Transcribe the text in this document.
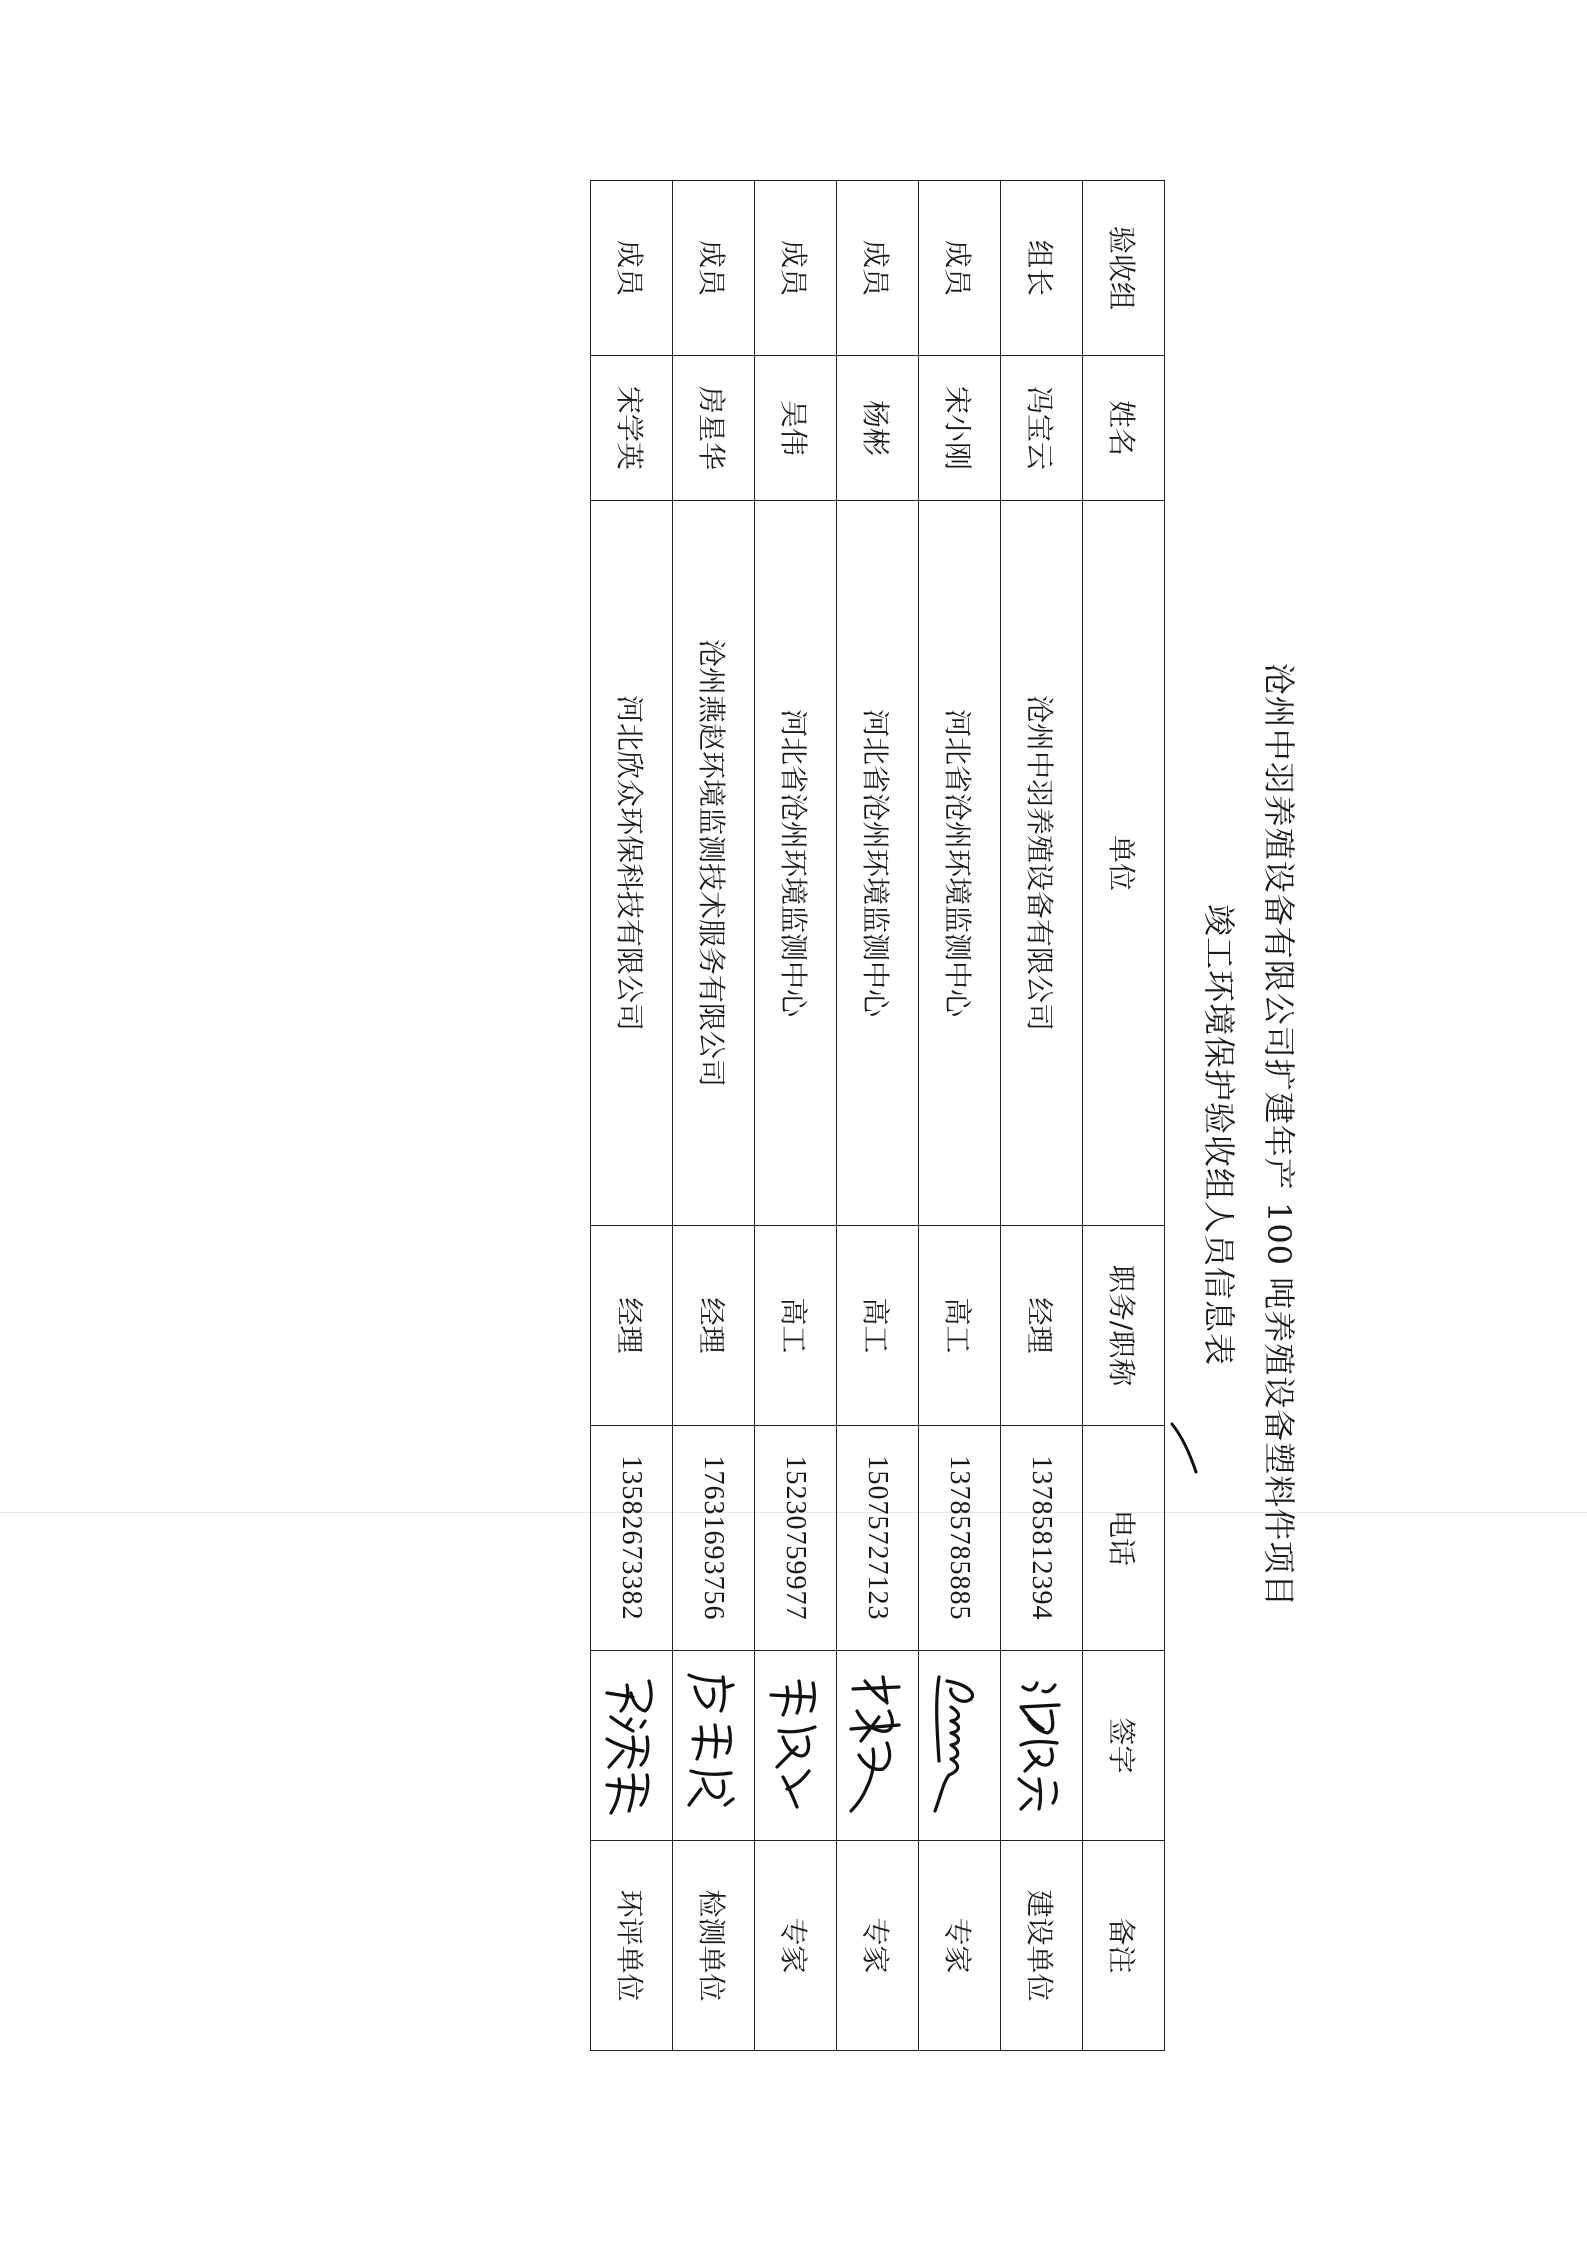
沧州中羽养殖设备有限公司扩建年产 100 吨养殖设备塑料件项目
竣工环境保护验收组人员信息表
验收组	姓名	单位	职务/职称	电话	签字	备注
组长	冯宝云	沧州中羽养殖设备有限公司	经理	13785812394		建设单位
成员	宋小刚	河北省沧州环境监测中心	高工	13785785885		专家
成员	杨彬	河北省沧州环境监测中心	高工	15075727123		专家
成员	吴伟	河北省沧州环境监测中心	高工	15230759977		专家
成员	房星华	沧州燕赵环境监测技术服务有限公司	经理	17631693756		检测单位
成员	宋学英	河北欣众环保科技有限公司	经理	13582673382		环评单位
